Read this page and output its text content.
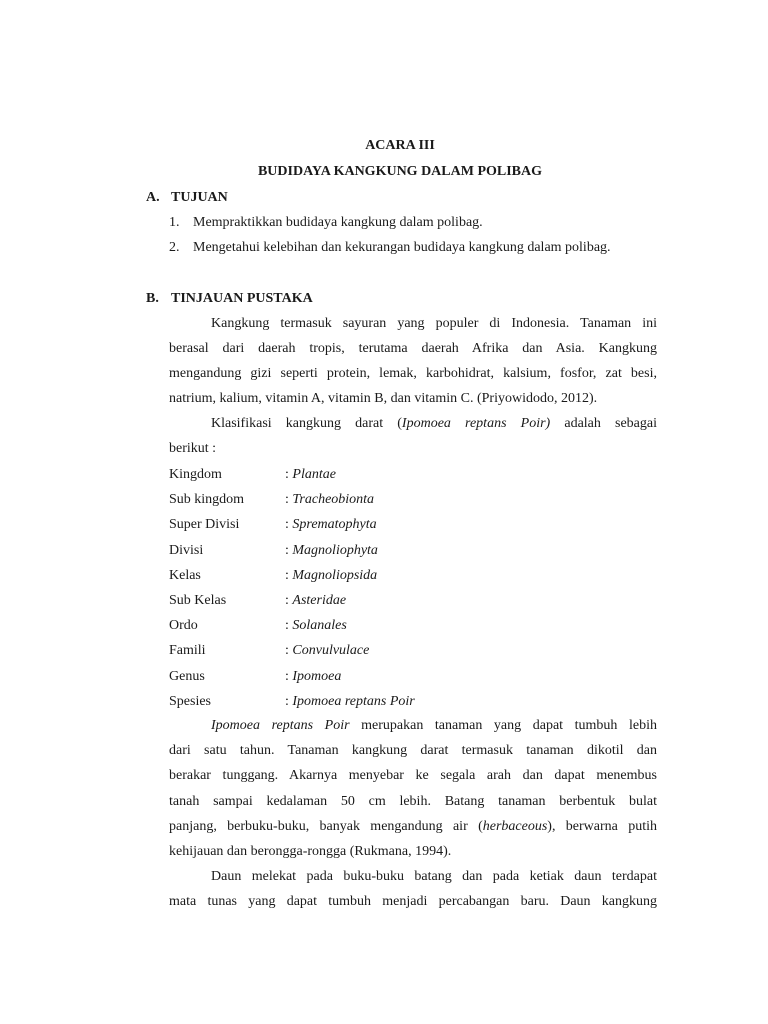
ACARA III
BUDIDAYA KANGKUNG DALAM POLIBAG
A. TUJUAN
1. Mempraktikkan budidaya kangkung dalam polibag.
2. Mengetahui kelebihan dan kekurangan budidaya kangkung dalam polibag.
B. TINJAUAN PUSTAKA
Kangkung termasuk sayuran yang populer di Indonesia. Tanaman ini
berasal dari daerah tropis, terutama daerah Afrika dan Asia. Kangkung
mengandung gizi seperti protein, lemak, karbohidrat, kalsium, fosfor, zat besi,
natrium, kalium, vitamin A, vitamin B, dan vitamin C. (Priyowidodo, 2012).
Klasifikasi kangkung darat (Ipomoea reptans Poir) adalah sebagai
berikut :
Kingdom	: Plantae
Sub kingdom	: Tracheobionta
Super Divisi	: Sprematophyta
Divisi	: Magnoliophyta
Kelas	: Magnoliopsida
Sub Kelas	: Asteridae
Ordo	: Solanales
Famili	: Convulvulace
Genus	: Ipomoea
Spesies	: Ipomoea reptans Poir
Ipomoea reptans Poir merupakan tanaman yang dapat tumbuh lebih
dari satu tahun. Tanaman kangkung darat termasuk tanaman dikotil dan
berakar tunggang. Akarnya menyebar ke segala arah dan dapat menembus
tanah sampai kedalaman 50 cm lebih. Batang tanaman berbentuk bulat
panjang, berbuku-buku, banyak mengandung air (herbaceous), berwarna putih
kehijauan dan berongga-rongga (Rukmana, 1994).
Daun melekat pada buku-buku batang dan pada ketiak daun terdapat
mata tunas yang dapat tumbuh menjadi percabangan baru. Daun kangkung
